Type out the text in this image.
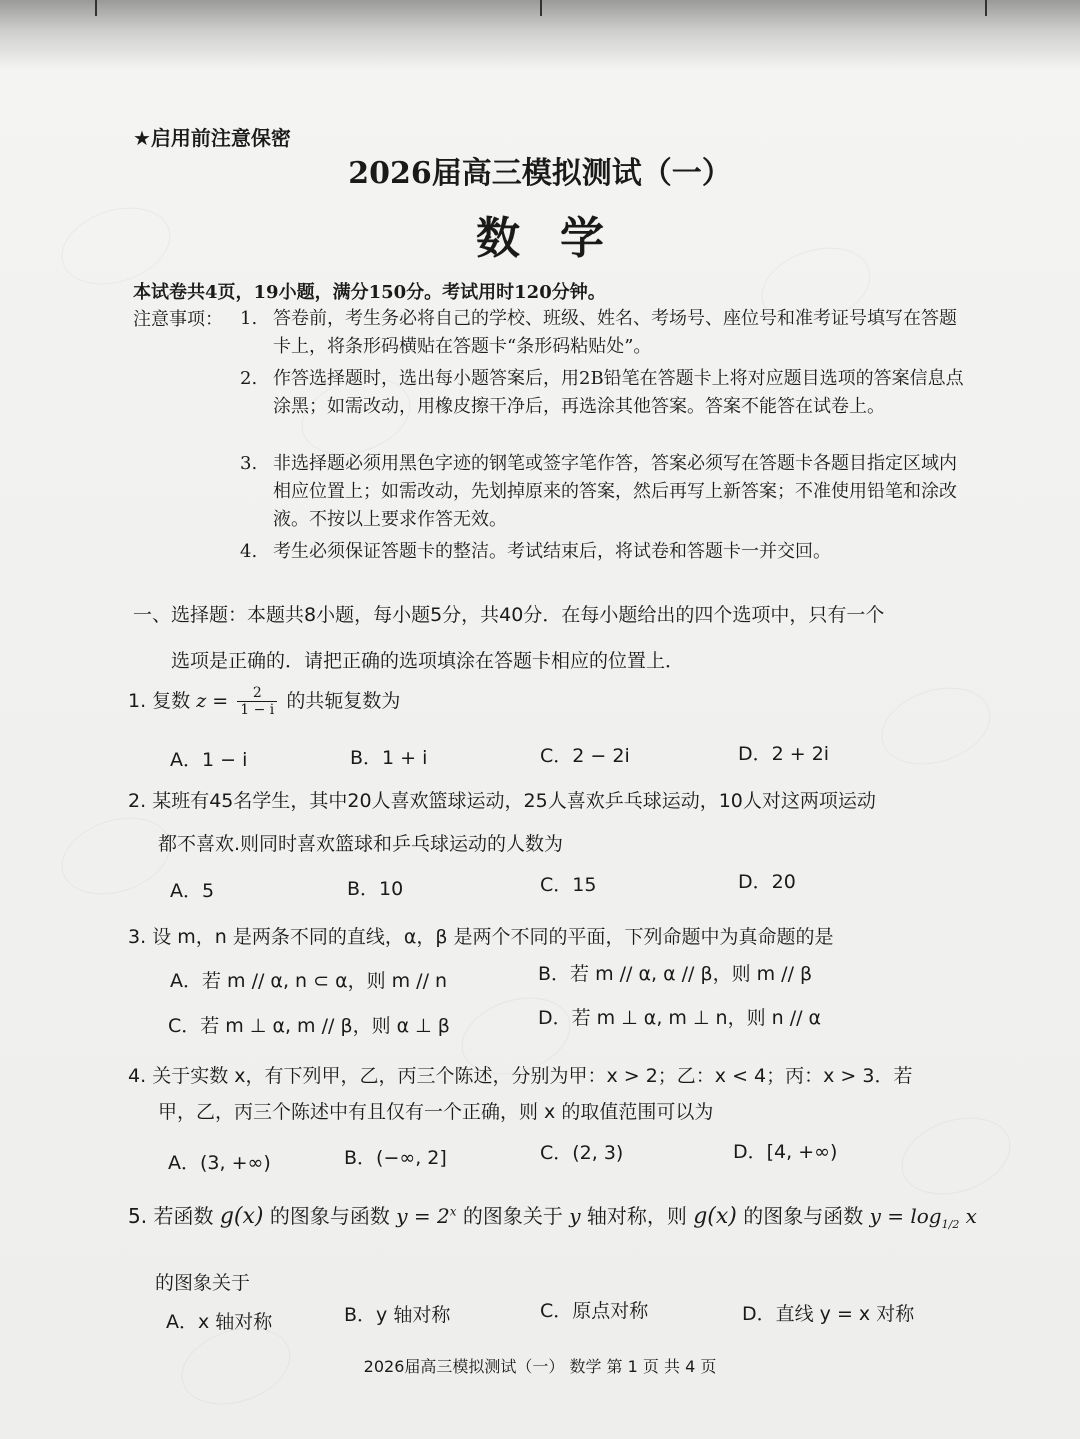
★启用前注意保密
2026届高三模拟测试（一）
数学
本试卷共4页，19小题，满分150分。考试用时120分钟。
注意事项： 1. 答卷前，考生务必将自己的学校、班级、姓名、考场号、座位号和准考证号填写在答题卡上，将条形码横贴在答题卡“条形码粘贴处”。
2. 作答选择题时，选出每小题答案后，用2B铅笔在答题卡上将对应题目选项的答案信息点涂黑；如需改动，用橡皮擦干净后，再选涂其他答案。答案不能答在试卷上。
3. 非选择题必须用黑色字迹的钢笔或签字笔作答，答案必须写在答题卡各题目指定区域内相应位置上；如需改动，先划掉原来的答案，然后再写上新答案；不准使用铅笔和涂改液。不按以上要求作答无效。
4. 考生必须保证答题卡的整洁。考试结束后，将试卷和答题卡一并交回。
一、选择题：本题共8小题，每小题5分，共40分．在每小题给出的四个选项中，只有一个
选项是正确的．请把正确的选项填涂在答题卡相应的位置上．
1. 复数 $z = \frac{2}{1 - i}$ 的共轭复数为
A．1 − i	B．1 + i	C．2 − 2i	D．2 + 2i
2. 某班有45名学生，其中20人喜欢篮球运动，25人喜欢乒乓球运动，10人对这两项运动
都不喜欢.则同时喜欢篮球和乒乓球运动的人数为
A．5	B．10	C．15	D．20
3. 设 m，n 是两条不同的直线，α，β 是两个不同的平面，下列命题中为真命题的是
A．若 m // α, n ⊂ α，则 m // n	B．若 m // α, α // β，则 m // β
C．若 m ⊥ α, m // β，则 α ⊥ β	D．若 m ⊥ α, m ⊥ n，则 n // α
4. 关于实数 x，有下列甲，乙，丙三个陈述，分别为甲：x > 2；乙：x < 4；丙：x > 3．若
甲，乙，丙三个陈述中有且仅有一个正确，则 x 的取值范围可以为
A．(3, +∞)	B．(−∞, 2]	C．(2, 3)	D．[4, +∞)
5. 若函数 g(x) 的图象与函数 $y = 2^x$ 的图象关于 y 轴对称，则 g(x) 的图象与函数 $y = \log_{1/2} x$
的图象关于
A．x 轴对称	B．y 轴对称	C．原点对称	D．直线 y = x 对称
2026届高三模拟测试（一） 数学 第 1 页 共 4 页
